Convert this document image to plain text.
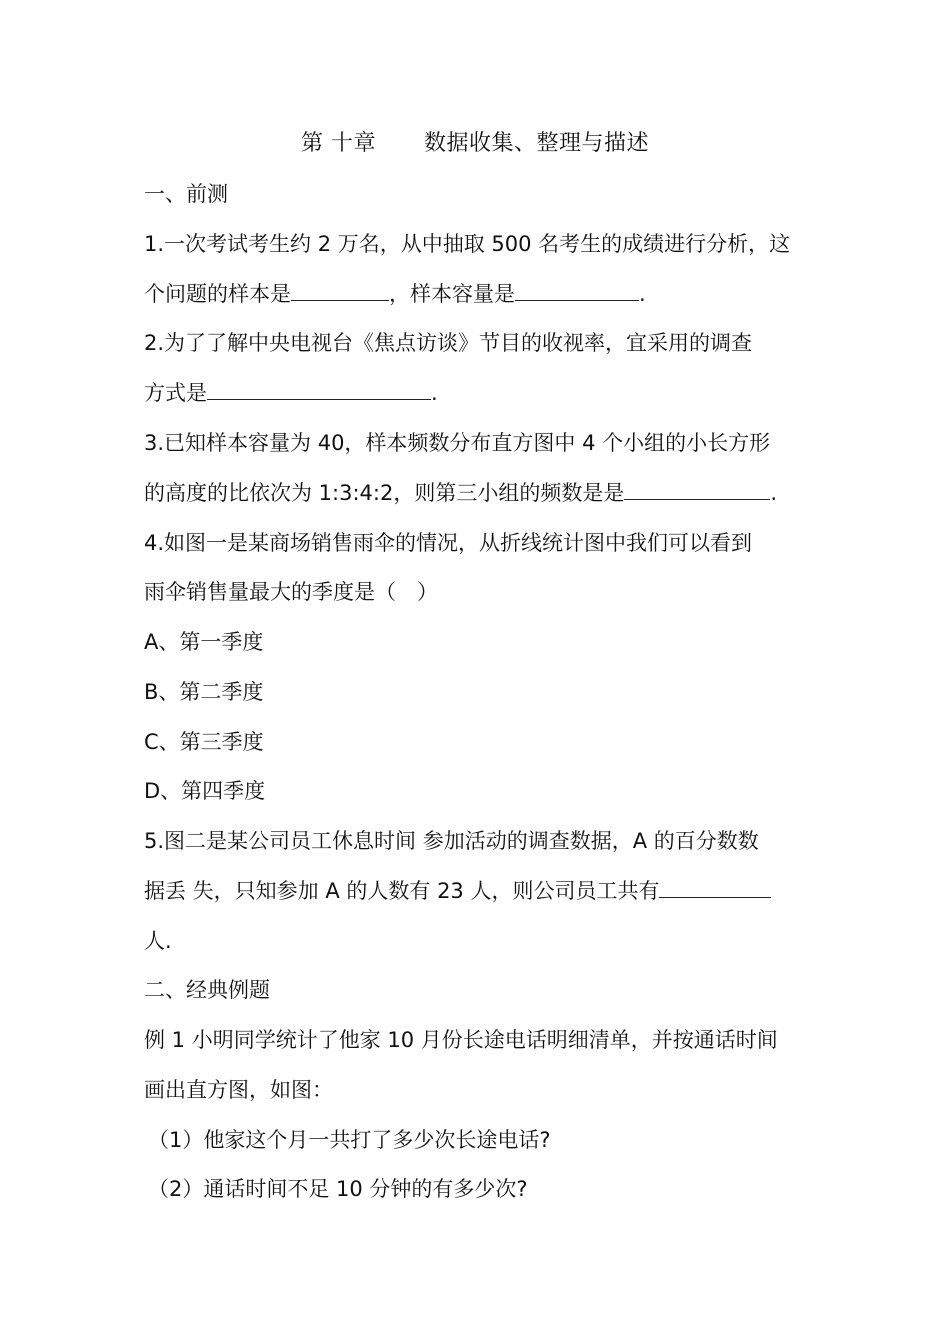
第 十章 数据收集、整理与描述
一、前测
1.一次考试考生约 2 万名，从中抽取 500 名考生的成绩进行分析，这
个问题的样本是	，样本容量是	.
2.为了了解中央电视台《焦点访谈》节目的收视率，宜采用的调查
方式是	.
3.已知样本容量为 40，样本频数分布直方图中 4 个小组的小长方形
的高度的比依次为 1:3:4:2，则第三小组的频数是是	.
4.如图一是某商场销售雨伞的情况，从折线统计图中我们可以看到
雨伞销售量最大的季度是（　）
A、第一季度
B、第二季度
C、第三季度
D、第四季度
5.图二是某公司员工休息时间 参加活动的调查数据，A 的百分数数
据丢 失，只知参加 A 的人数有 23 人，则公司员工共有
人.
二、经典例题
例 1 小明同学统计了他家 10 月份长途电话明细清单，并按通话时间
画出直方图，如图：
（1）他家这个月一共打了多少次长途电话?
（2）通话时间不足 10 分钟的有多少次?
